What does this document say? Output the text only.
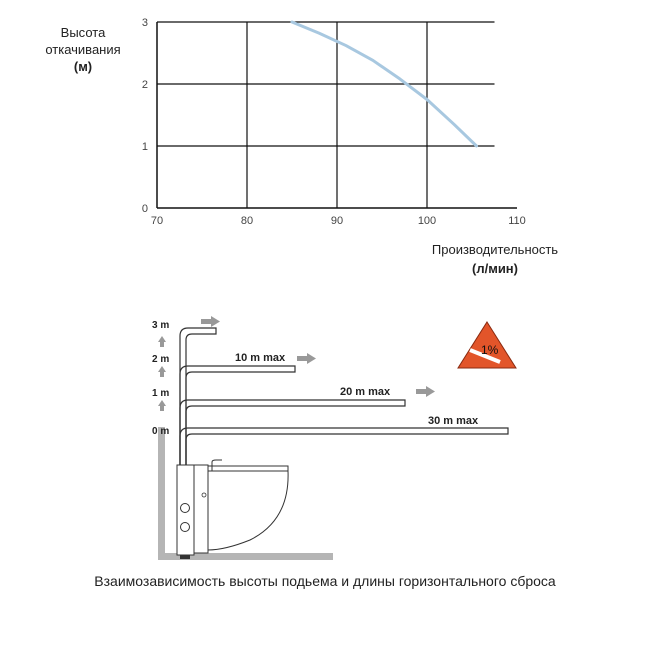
Высота откачивания
(м)
70	80	90	100	110
0
1
2
3
3 m
2 m
1 m
0 m
10 m max
20 m max
30 m max
1%
Производительность
(л/мин)
Взаимозависимость высоты подьема и длины горизонтального сброса
